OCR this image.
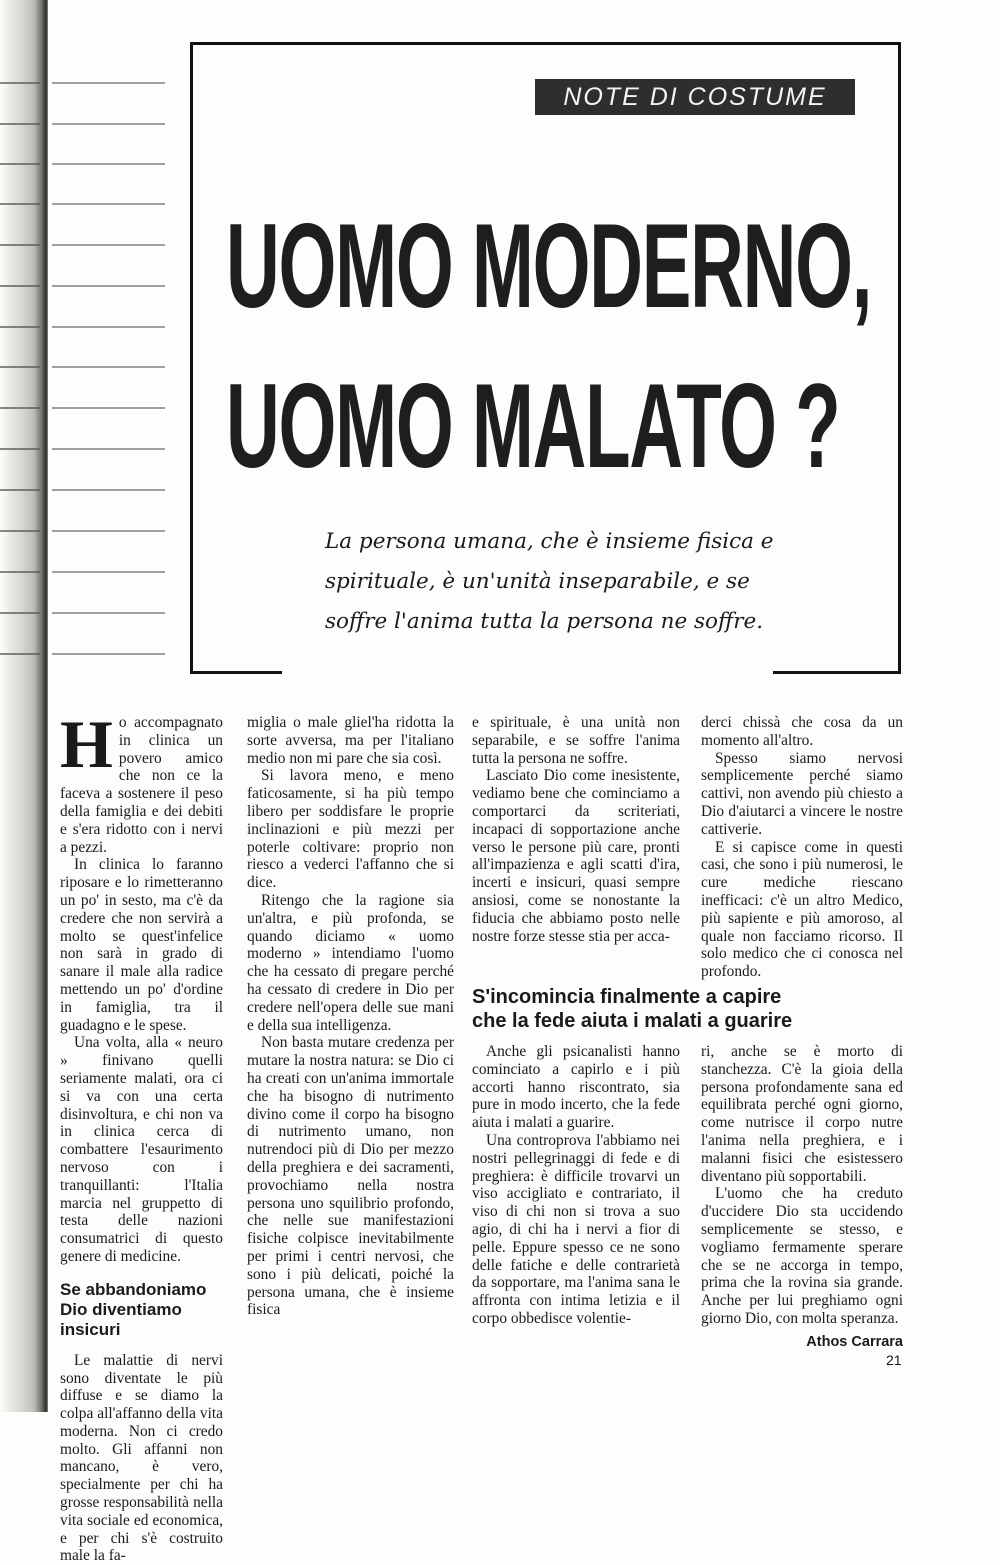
NOTE DI COSTUME
UOMO MODERNO,
UOMO MALATO ?
La persona umana, che è insieme fisica e spirituale, è un'unità inseparabile, e se soffre l'anima tutta la persona ne soffre.

Ho accompagnato in clinica un povero amico che non ce la faceva a sostenere il peso della famiglia e dei debiti e s'era ridotto con i nervi a pezzi.

In clinica lo faranno riposare e lo rimetteranno un po' in sesto, ma c'è da credere che non servirà a molto se quest'infelice non sarà in grado di sanare il male alla radice mettendo un po' d'ordine in famiglia, tra il guadagno e le spese.

Una volta, alla « neuro » finivano quelli seriamente malati, ora ci si va con una certa disinvoltura, e chi non va in clinica cerca di combattere l'esaurimento nervoso con i tranquillanti: l'Italia marcia nel gruppetto di testa delle nazioni consumatrici di questo genere di medicine.

Se abbandoniamo Dio diventiamo insicuri

Le malattie di nervi sono diventate le più diffuse e se diamo la colpa all'affanno della vita moderna. Non ci credo molto. Gli affanni non mancano, è vero, specialmente per chi ha grosse responsabilità nella vita sociale ed economica, e per chi s'è costruito male la fa-

miglia o male gliel'ha ridotta la sorte avversa, ma per l'italiano medio non mi pare che sia così.

Si lavora meno, e meno faticosamente, si ha più tempo libero per soddisfare le proprie inclinazioni e più mezzi per poterle coltivare: proprio non riesco a vederci l'affanno che si dice.

Ritengo che la ragione sia un'altra, e più profonda, se quando diciamo « uomo moderno » intendiamo l'uomo che ha cessato di pregare perché ha cessato di credere in Dio per credere nell'opera delle sue mani e della sua intelligenza.

Non basta mutare credenza per mutare la nostra natura: se Dio ci ha creati con un'anima immortale che ha bisogno di nutrimento divino come il corpo ha bisogno di nutrimento umano, non nutrendoci più di Dio per mezzo della preghiera e dei sacramenti, provochiamo nella nostra persona uno squilibrio profondo, che nelle sue manifestazioni fisiche colpisce inevitabilmente per primi i centri nervosi, che sono i più delicati, poiché la persona umana, che è insieme fisica

e spirituale, è una unità non separabile, e se soffre l'anima tutta la persona ne soffre.

Lasciato Dio come inesistente, vediamo bene che cominciamo a comportarci da scriteriati, incapaci di sopportazione anche verso le persone più care, pronti all'impazienza e agli scatti d'ira, incerti e insicuri, quasi sempre ansiosi, come se nonostante la fiducia che abbiamo posto nelle nostre forze stesse stia per acca-

derci chissà che cosa da un momento all'altro.

Spesso siamo nervosi semplicemente perché siamo cattivi, non avendo più chiesto a Dio d'aiutarci a vincere le nostre cattiverie.

E si capisce come in questi casi, che sono i più numerosi, le cure mediche riescano inefficaci: c'è un altro Medico, più sapiente e più amoroso, al quale non facciamo ricorso. Il solo medico che ci conosca nel profondo.

S'incomincia finalmente a capire
che la fede aiuta i malati a guarire

Anche gli psicanalisti hanno cominciato a capirlo e i più accorti hanno riscontrato, sia pure in modo incerto, che la fede aiuta i malati a guarire.

Una controprova l'abbiamo nei nostri pellegrinaggi di fede e di preghiera: è difficile trovarvi un viso accigliato e contrariato, il viso di chi non si trova a suo agio, di chi ha i nervi a fior di pelle. Eppure spesso ce ne sono delle fatiche e delle contrarietà da sopportare, ma l'anima sana le affronta con intima letizia e il corpo obbedisce volentie-

ri, anche se è morto di stanchezza. C'è la gioia della persona profondamente sana ed equilibrata perché ogni giorno, come nutrisce il corpo nutre l'anima nella preghiera, e i malanni fisici che esistessero diventano più sopportabili.

L'uomo che ha creduto d'uccidere Dio sta uccidendo semplicemente se stesso, e vogliamo fermamente sperare che se ne accorga in tempo, prima che la rovina sia grande. Anche per lui preghiamo ogni giorno Dio, con molta speranza.

Athos Carrara
21
